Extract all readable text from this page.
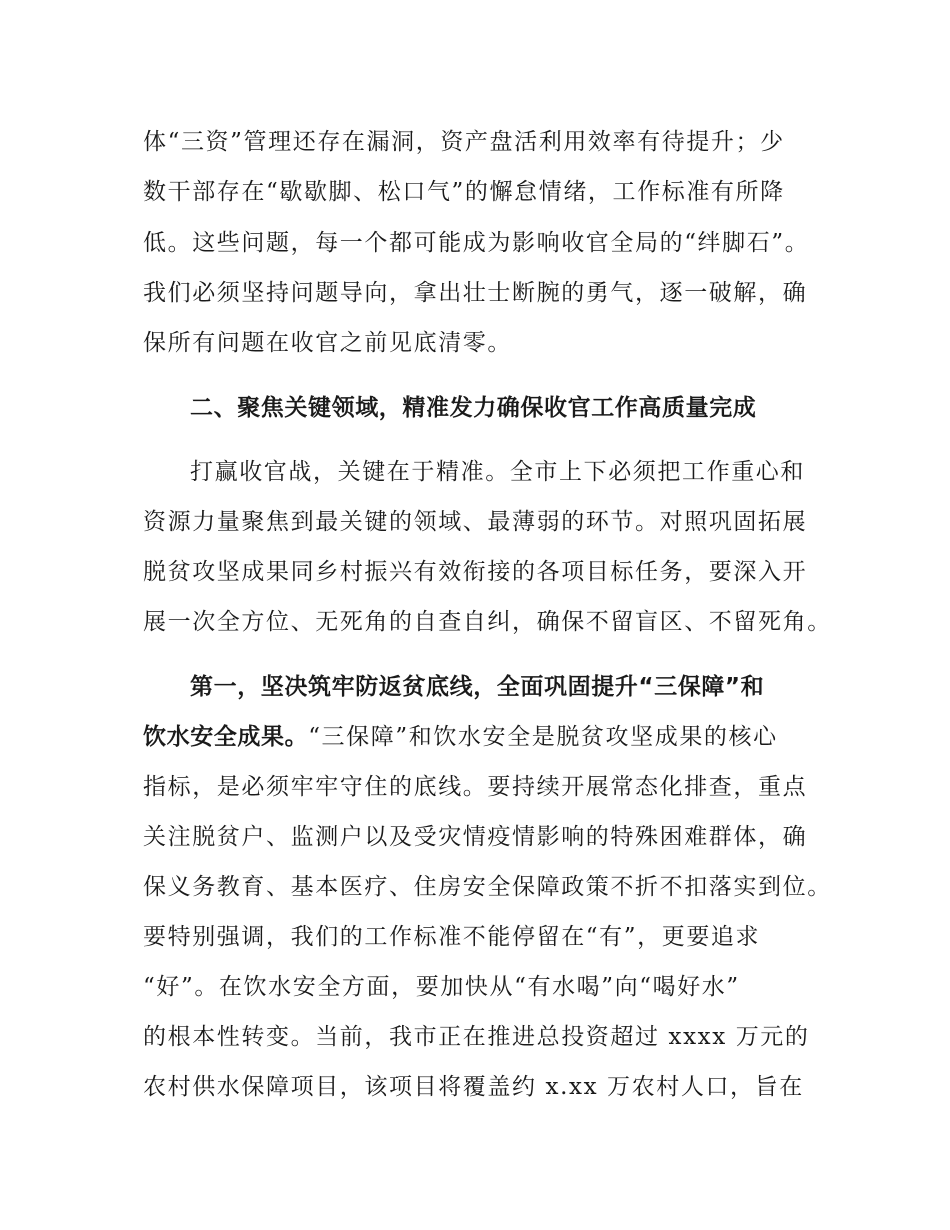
体“三资”管理还存在漏洞，资产盘活利用效率有待提升；少
数干部存在“歇歇脚、松口气”的懈怠情绪，工作标准有所降
低。这些问题，每一个都可能成为影响收官全局的“绊脚石”。
我们必须坚持问题导向，拿出壮士断腕的勇气，逐一破解，确
保所有问题在收官之前见底清零。
二、聚焦关键领域，精准发力确保收官工作高质量完成
打赢收官战，关键在于精准。全市上下必须把工作重心和
资源力量聚焦到最关键的领域、最薄弱的环节。对照巩固拓展
脱贫攻坚成果同乡村振兴有效衔接的各项目标任务，要深入开
展一次全方位、无死角的自查自纠，确保不留盲区、不留死角。
第一，坚决筑牢防返贫底线，全面巩固提升“三保障”和
饮水安全成果。“三保障”和饮水安全是脱贫攻坚成果的核心
指标，是必须牢牢守住的底线。要持续开展常态化排查，重点
关注脱贫户、监测户以及受灾情疫情影响的特殊困难群体，确
保义务教育、基本医疗、住房安全保障政策不折不扣落实到位。
要特别强调，我们的工作标准不能停留在“有”，更要追求
“好”。在饮水安全方面，要加快从“有水喝”向“喝好水”
的根本性转变。当前，我市正在推进总投资超过 xxxx 万元的
农村供水保障项目，该项目将覆盖约 x.xx 万农村人口，旨在
